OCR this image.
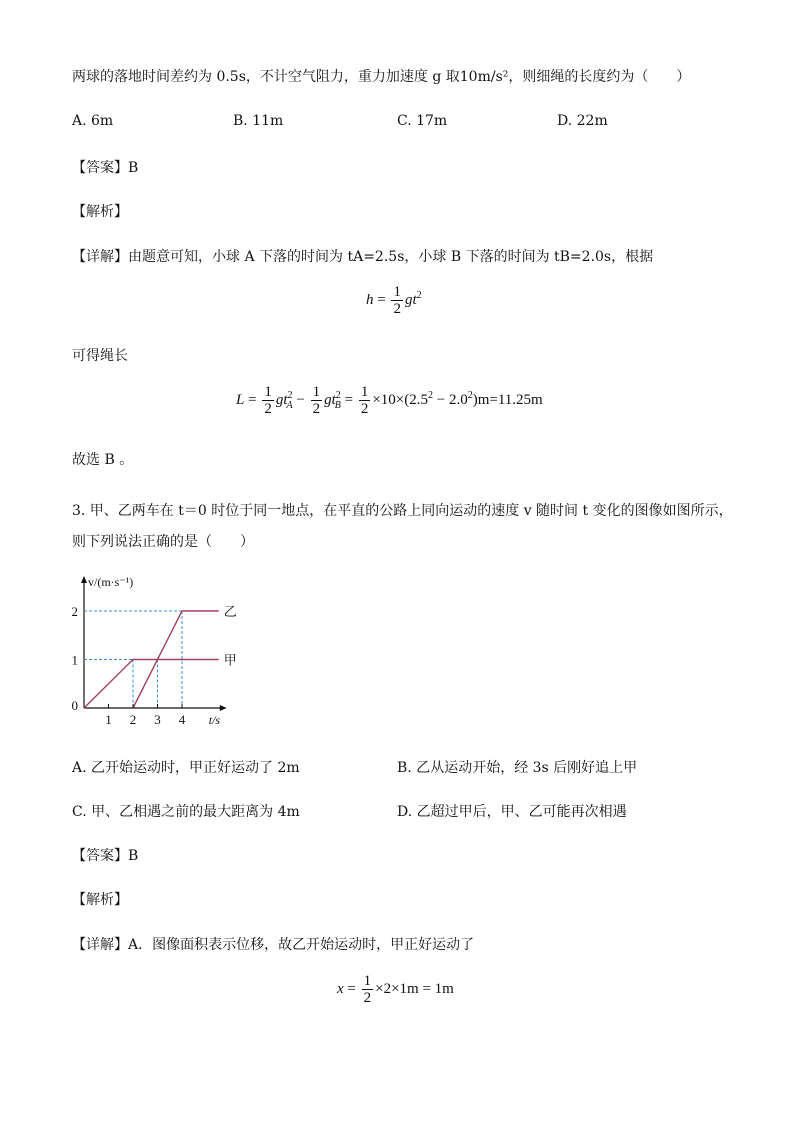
两球的落地时间差约为 0.5s，不计空气阻力，重力加速度 g 取10m/s²，则细绳的长度约为（　　）
A. 6m	B. 11m	C. 17m	D. 22m
【答案】B
【解析】
【详解】由题意可知，小球 A 下落的时间为 tA=2.5s，小球 B 下落的时间为 tB=2.0s，根据
$h = \frac{1}{2} gt^2$
可得绳长
$L = \frac{1}{2} gt^2_A - \frac{1}{2} gt^2_B = \frac{1}{2} \times 10\times(2.5^2 - 2.0^2)m=11.25m$
故选 B 。
3. 甲、乙两车在 t＝0 时位于同一地点，在平直的公路上同向运动的速度 v 随时间 t 变化的图像如图所示，
则下列说法正确的是（　　）
甲
乙
1 2 3 4
0
1
2
t/s
v/(m·s⁻¹)
A. 乙开始运动时，甲正好运动了 2m	B. 乙从运动开始，经 3s 后刚好追上甲
C. 甲、乙相遇之前的最大距离为 4m	D. 乙超过甲后，甲、乙可能再次相遇
【答案】B
【解析】
【详解】A．图像面积表示位移，故乙开始运动时，甲正好运动了
$x = \frac{1}{2} \times 2\times 1m = 1m$
